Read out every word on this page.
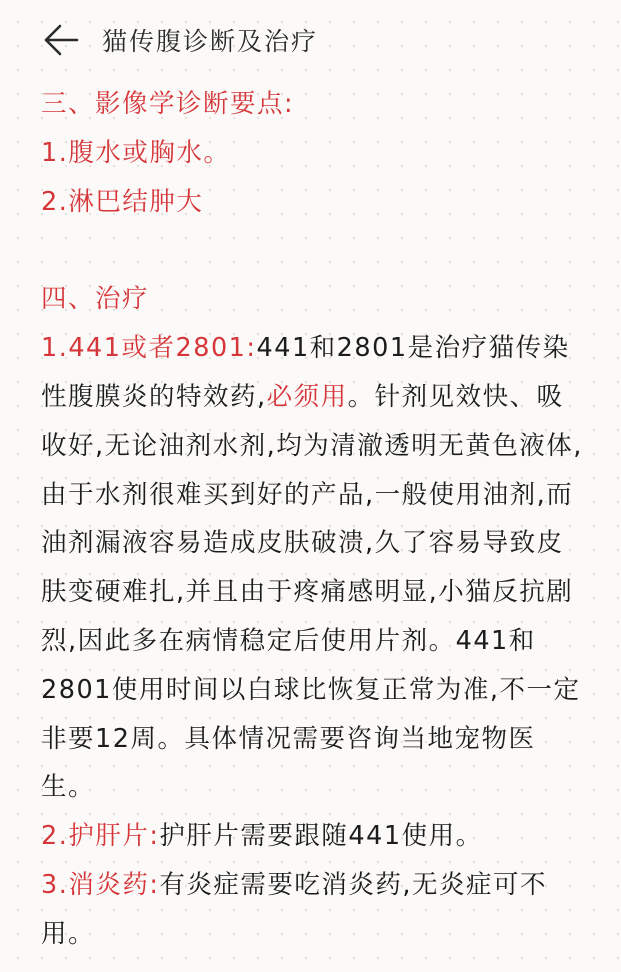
猫传腹诊断及治疗

三、影像学诊断要点:

1.腹水或胸水。

2.淋巴结肿大

四、治疗

1.441或者2801:441和2801是治疗猫传染性腹膜炎的特效药,必须用。针剂见效快、吸收好,无论油剂水剂,均为清澈透明无黄色液体,由于水剂很难买到好的产品,一般使用油剂,而油剂漏液容易造成皮肤破溃,久了容易导致皮肤变硬难扎,并且由于疼痛感明显,小猫反抗剧烈,因此多在病情稳定后使用片剂。441和2801使用时间以白球比恢复正常为准,不一定非要12周。具体情况需要咨询当地宠物医生。

2.护肝片:护肝片需要跟随441使用。

3.消炎药:有炎症需要吃消炎药,无炎症可不用。
